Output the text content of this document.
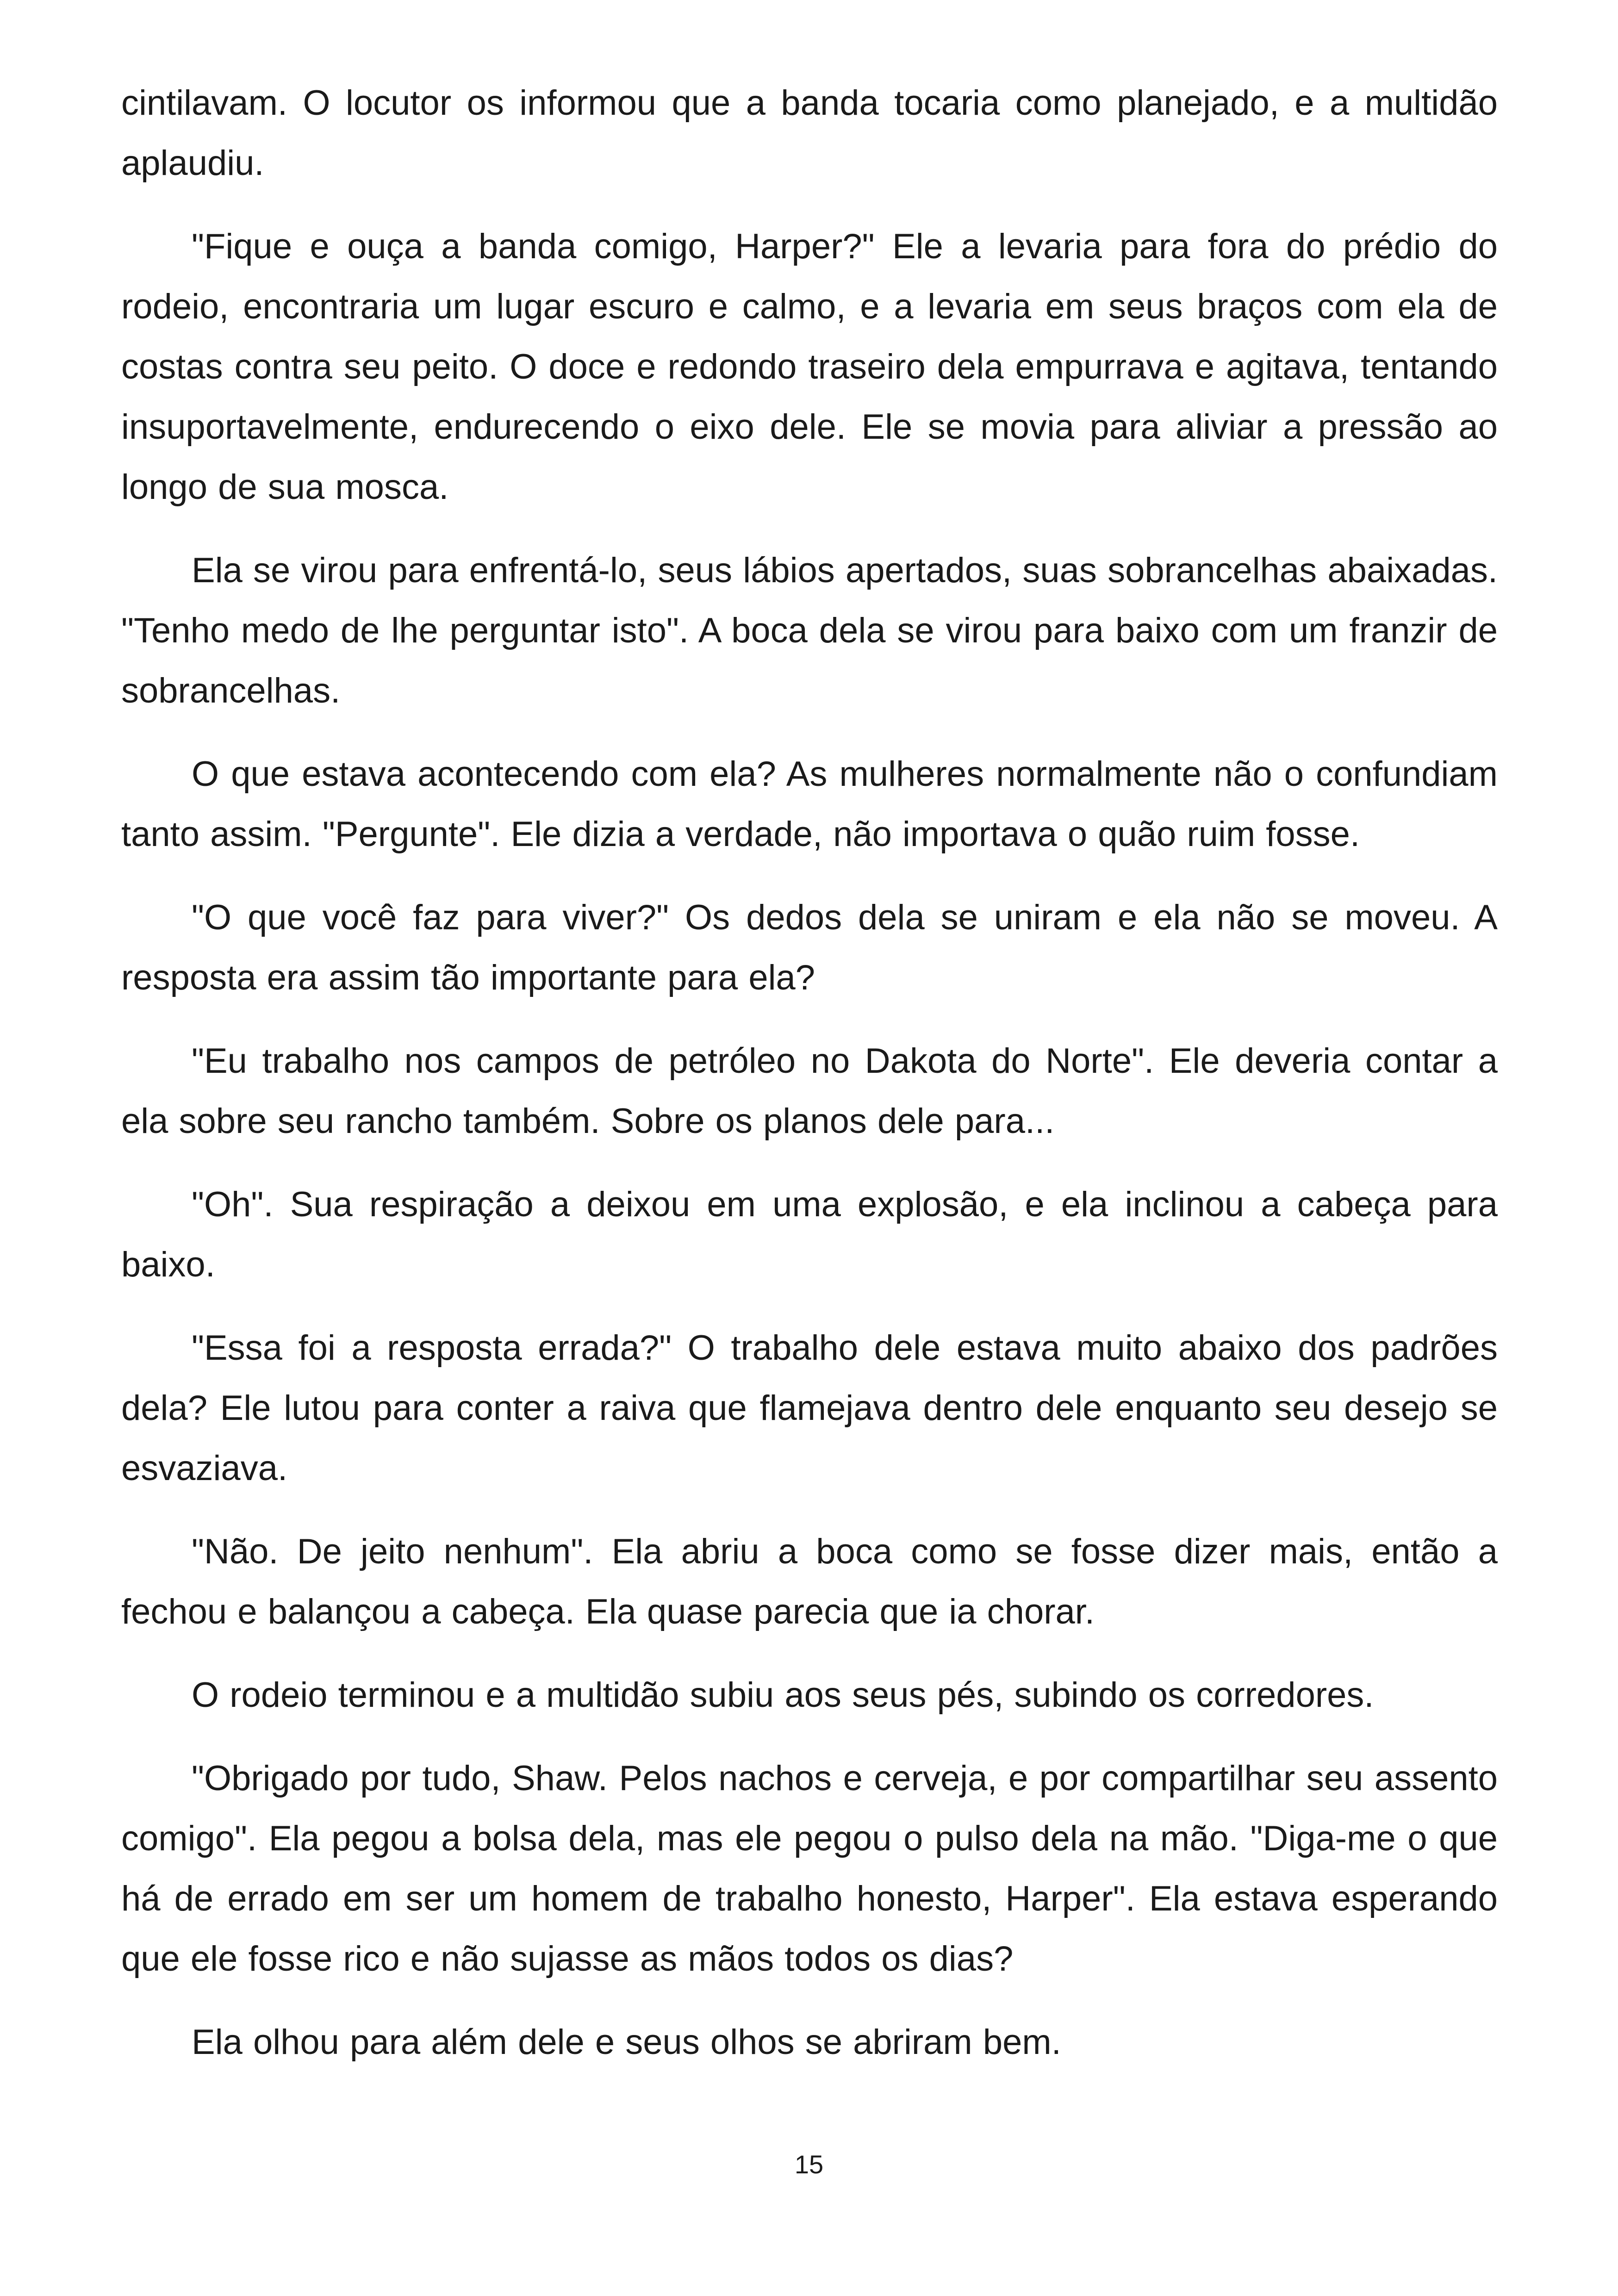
cintilavam. O locutor os informou que a banda tocaria como planejado, e a multidão aplaudiu.

"Fique e ouça a banda comigo, Harper?" Ele a levaria para fora do prédio do rodeio, encontraria um lugar escuro e calmo, e a levaria em seus braços com ela de costas contra seu peito. O doce e redondo traseiro dela empurrava e agitava, tentando insuportavelmente, endurecendo o eixo dele. Ele se movia para aliviar a pressão ao longo de sua mosca.

Ela se virou para enfrentá-lo, seus lábios apertados, suas sobrancelhas abaixadas. "Tenho medo de lhe perguntar isto". A boca dela se virou para baixo com um franzir de sobrancelhas.

O que estava acontecendo com ela? As mulheres normalmente não o confundiam tanto assim. "Pergunte". Ele dizia a verdade, não importava o quão ruim fosse.

"O que você faz para viver?" Os dedos dela se uniram e ela não se moveu. A resposta era assim tão importante para ela?

"Eu trabalho nos campos de petróleo no Dakota do Norte". Ele deveria contar a ela sobre seu rancho também. Sobre os planos dele para...

"Oh". Sua respiração a deixou em uma explosão, e ela inclinou a cabeça para baixo.

"Essa foi a resposta errada?" O trabalho dele estava muito abaixo dos padrões dela? Ele lutou para conter a raiva que flamejava dentro dele enquanto seu desejo se esvaziava.

"Não. De jeito nenhum". Ela abriu a boca como se fosse dizer mais, então a fechou e balançou a cabeça. Ela quase parecia que ia chorar.

O rodeio terminou e a multidão subiu aos seus pés, subindo os corredores.

"Obrigado por tudo, Shaw. Pelos nachos e cerveja, e por compartilhar seu assento comigo". Ela pegou a bolsa dela, mas ele pegou o pulso dela na mão. "Diga-me o que há de errado em ser um homem de trabalho honesto, Harper". Ela estava esperando que ele fosse rico e não sujasse as mãos todos os dias?

Ela olhou para além dele e seus olhos se abriram bem.

15
